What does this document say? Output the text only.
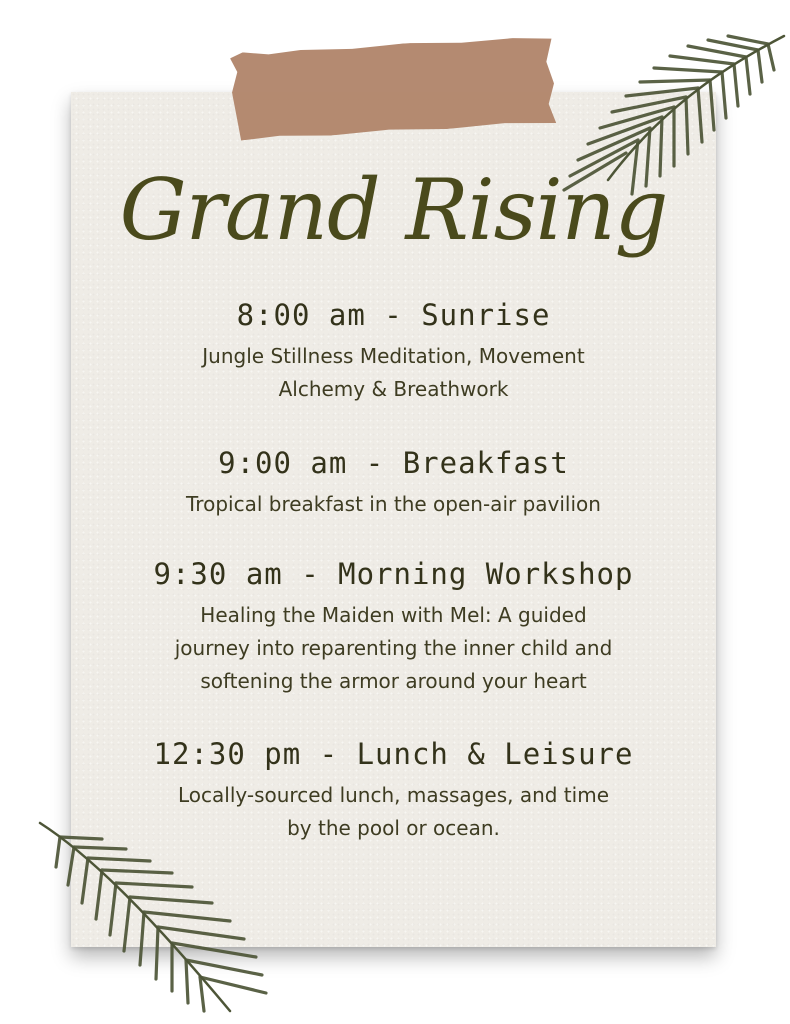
Grand Rising
8:00 am - Sunrise
Jungle Stillness Meditation, Movement
Alchemy & Breathwork
9:00 am - Breakfast
Tropical breakfast in the open-air pavilion
9:30 am - Morning Workshop
Healing the Maiden with Mel: A guided
journey into reparenting the inner child and
softening the armor around your heart
12:30 pm - Lunch & Leisure
Locally-sourced lunch, massages, and time
by the pool or ocean.
